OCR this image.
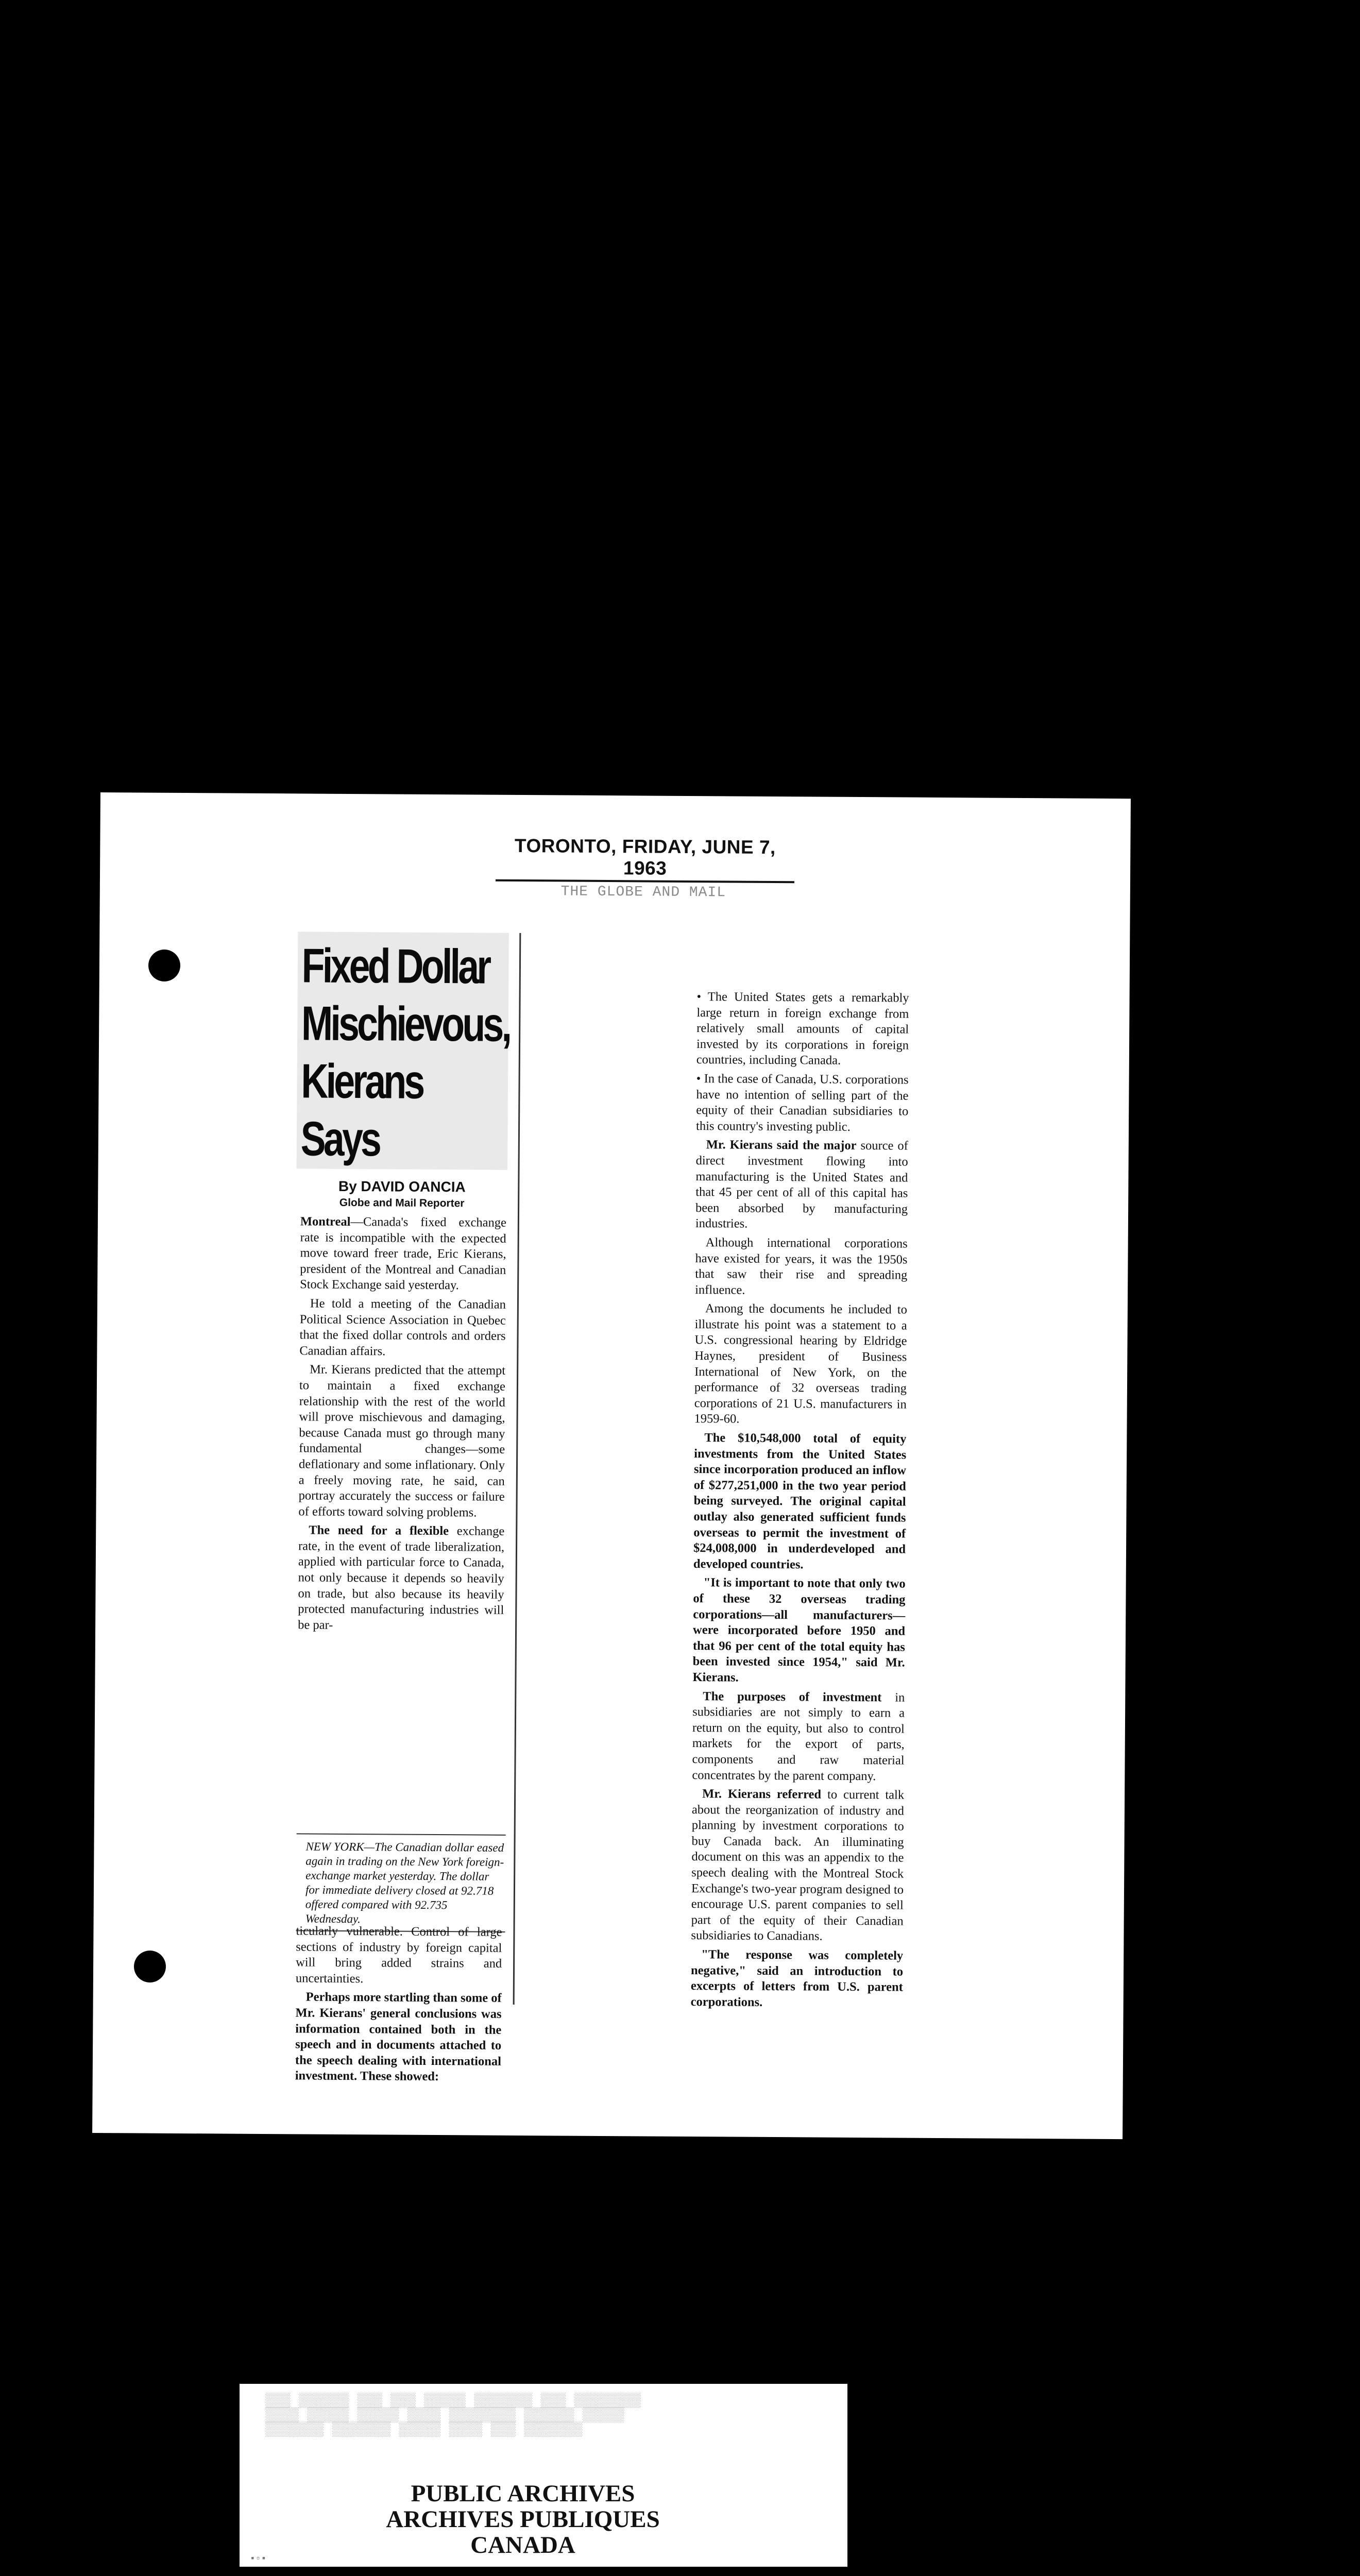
TORONTO, FRIDAY, JUNE 7, 1963
THE GLOBE AND MAIL
Fixed Dollar
Mischievous,
Kierans Says
By DAVID OANCIA
Globe and Mail Reporter

Montreal—Canada's fixed exchange rate is incompatible with the expected move toward freer trade, Eric Kierans, president of the Montreal and Canadian Stock Exchange said yesterday.

He told a meeting of the Canadian Political Science Association in Quebec that the fixed dollar controls and orders Canadian affairs.

Mr. Kierans predicted that the attempt to maintain a fixed exchange relationship with the rest of the world will prove mischievous and damaging, because Canada must go through many fundamental changes—some deflationary and some inflationary. Only a freely moving rate, he said, can portray accurately the success or failure of efforts toward solving problems.

The need for a flexible exchange rate, in the event of trade liberalization, applied with particular force to Canada, not only because it depends so heavily on trade, but also because its heavily protected manufacturing industries will be par-

NEW YORK—The Canadian dollar eased again in trading on the New York foreign-exchange market yesterday. The dollar for immediate delivery closed at 92.718 offered compared with 92.735 Wednesday.

ticularly vulnerable. Control of large sections of industry by foreign capital will bring added strains and uncertainties.

Perhaps more startling than some of Mr. Kierans' general conclusions was information contained both in the speech and in documents attached to the speech dealing with international investment. These showed:

• The United States gets a remarkably large return in foreign exchange from relatively small amounts of capital invested by its corporations in foreign countries, including Canada.

• In the case of Canada, U.S. corporations have no intention of selling part of the equity of their Canadian subsidiaries to this country's investing public.

Mr. Kierans said the major source of direct investment flowing into manufacturing is the United States and that 45 per cent of all of this capital has been absorbed by manufacturing industries.

Although international corporations have existed for years, it was the 1950s that saw their rise and spreading influence.

Among the documents he included to illustrate his point was a statement to a U.S. congressional hearing by Eldridge Haynes, president of Business International of New York, on the performance of 32 overseas trading corporations of 21 U.S. manufacturers in 1959-60.

The $10,548,000 total of equity investments from the United States since incorporation produced an inflow of $277,251,000 in the two year period being surveyed. The original capital outlay also generated sufficient funds overseas to permit the investment of $24,008,000 in underdeveloped and developed countries.

"It is important to note that only two of these 32 overseas trading corporations—all manufacturers—were incorporated before 1950 and that 96 per cent of the total equity has been invested since 1954," said Mr. Kierans.

The purposes of investment in subsidiaries are not simply to earn a return on the equity, but also to control markets for the export of parts, components and raw material concentrates by the parent company.

Mr. Kierans referred to current talk about the reorganization of industry and planning by investment corporations to buy Canada back. An illuminating document on this was an appendix to the speech dealing with the Montreal Stock Exchange's two-year program designed to encourage U.S. parent companies to sell part of the equity of their Canadian subsidiaries to Canadians.

"The response was completely negative," said an introduction to excerpts of letters from U.S. parent corporations.

▒▒▒ ▒▒▒▒▒▒ ▒▒▒ ▒▒▒ ▒▒▒▒▒ ▒▒▒▒▒▒▒ ▒▒▒ ▒▒▒▒▒▒▒▒
▒▒▒▒ ▒▒▒▒▒ ▒▒▒▒▒ ▒▒▒▒ ▒▒▒▒▒▒▒▒ ▒▒▒▒▒▒ ▒▒▒▒▒
▒▒▒▒▒▒▒ ▒▒▒▒▒▒▒ ▒▒▒▒▒ ▒▒▒▒ ▒▒▒ ▒▒▒▒▒▒▒
PUBLIC ARCHIVES
ARCHIVES PUBLIQUES
CANADA
▪▫▪
